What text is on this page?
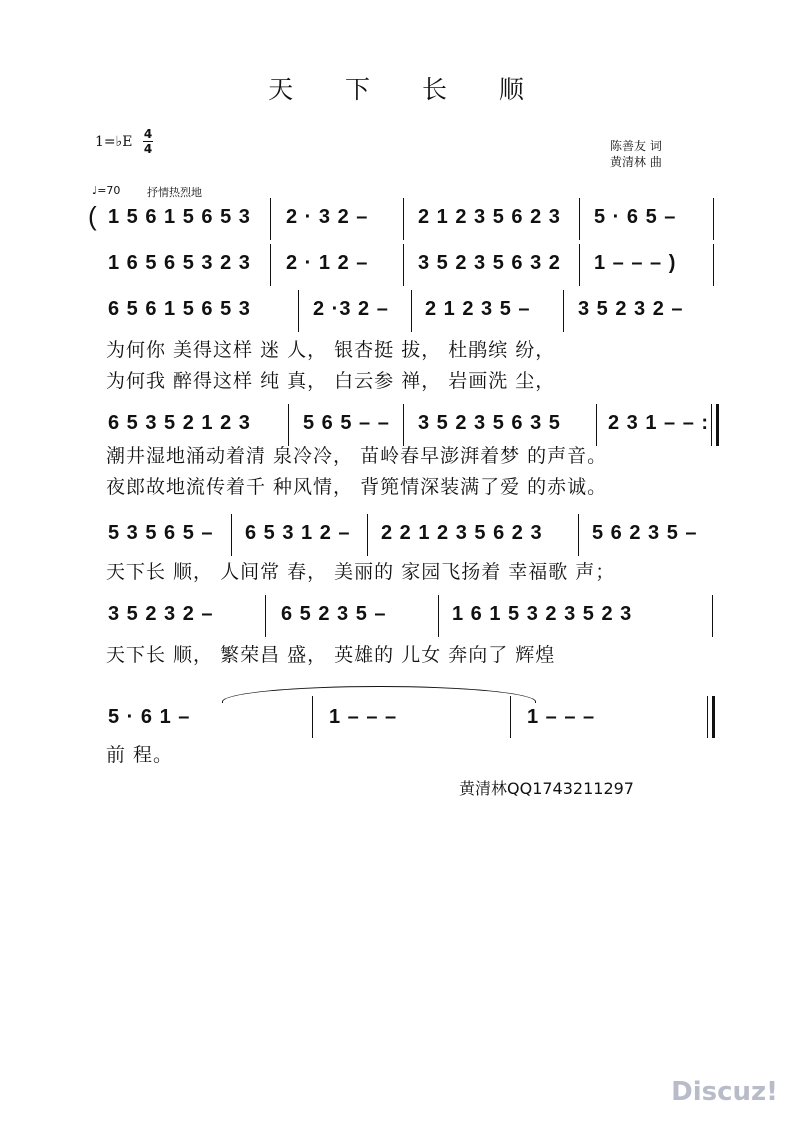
天 下 长 顺
1=♭E 4
4	陈善友 词
黄清林 曲
♩=70 抒情热烈地
( 1 5 6 1 5 6 5 3 2 · 3 2 – 2 1 2 3 5 6 2 3 5 · 6 5 –
1 6 5 6 5 3 2 3 2 · 1 2 – 3 5 2 3 5 6 3 2 1 – – – )
6 5 6 1 5 6 5 3	2 ·3 2 – 2 1 2 3 5 – 3 5 2 3 2 –
为何你 美得这样 迷 人， 银杏挺 拔， 杜鹃缤 纷，
为何我 醉得这样 纯 真， 白云参 禅， 岩画洗 尘，
6 5 3 5 2 1 2 3	5 6 5 – – 3 5 2 3 5 6 3 5 2 3 1 – – :
潮井湿地涌动着清 泉冷冷， 苗岭春早澎湃着梦 的声音。
夜郎故地流传着千 种风情， 背篼情深装满了爱 的赤诚。
5 3 5 6 5 – 6 5 3 1 2 – 2 2 1 2 3 5 6 2 3 5 6 2 3 5 –
天下长 顺， 人间常 春， 美丽的 家园飞扬着 幸福歌 声；
3 5 2 3 2 –	6 5 2 3 5 –	1 6 1 5 3 2 3 5 2 3
天下长 顺， 繁荣昌 盛， 英雄的 儿女 奔向了 辉煌
5 · 6 1 –	1 – – –	1 – – –
前 程。
黄清林QQ1743211297
Discuz!
